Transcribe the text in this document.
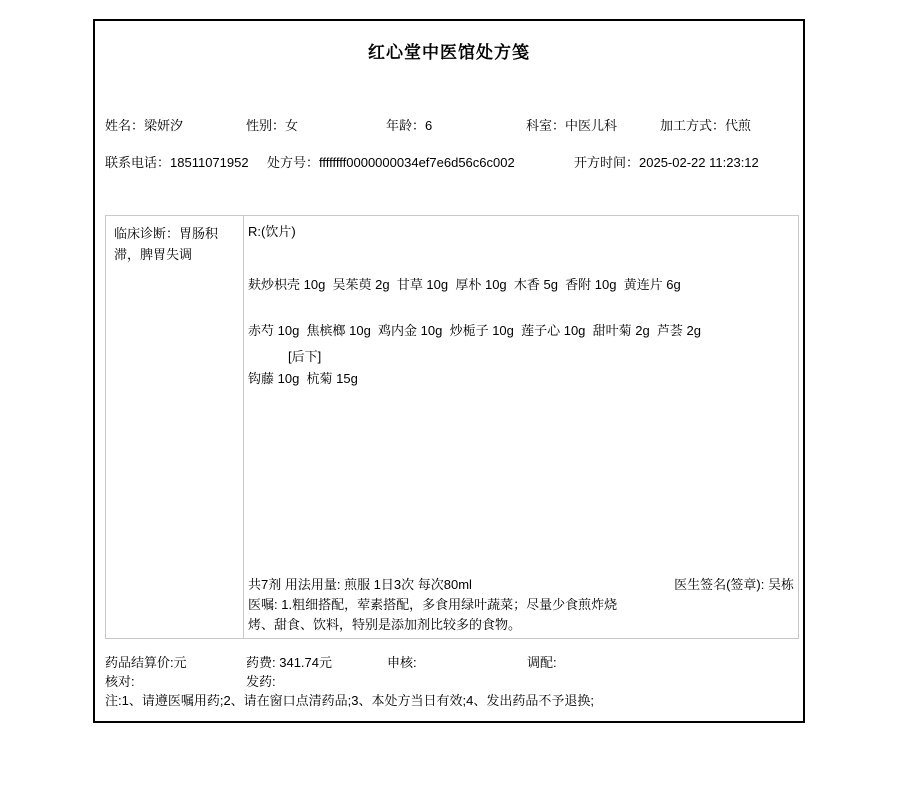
红心堂中医馆处方笺
姓名：梁妍汐	性别：女	年龄：6	科室：中医儿科	加工方式：代煎
联系电话：18511071952 处方号：ffffffff0000000034ef7e6d56c6c002	开方时间：2025-02-22 11:23:12
临床诊断：胃肠积滞，脾胃失调
R:(饮片)
麸炒枳壳 10g  吴茱萸 2g  甘草 10g  厚朴 10g  木香 5g  香附 10g  黄连片 6g
赤芍 10g  焦槟榔 10g  鸡内金 10g  炒栀子 10g  莲子心 10g  甜叶菊 2g  芦荟 2g
[后下]
钩藤 10g  杭菊 15g
共7剂 用法用量: 煎服 1日3次 每次80ml	医生签名(签章): 吴栋
医嘱: 1.粗细搭配，荤素搭配，多食用绿叶蔬菜；尽量少食煎炸烧烤、甜食、饮料，特别是添加剂比较多的食物。
药品结算价:元	药费: 341.74元	申核:	调配:
核对:	发药:
注:1、请遵医嘱用药;2、请在窗口点清药品;3、本处方当日有效;4、发出药品不予退换;
